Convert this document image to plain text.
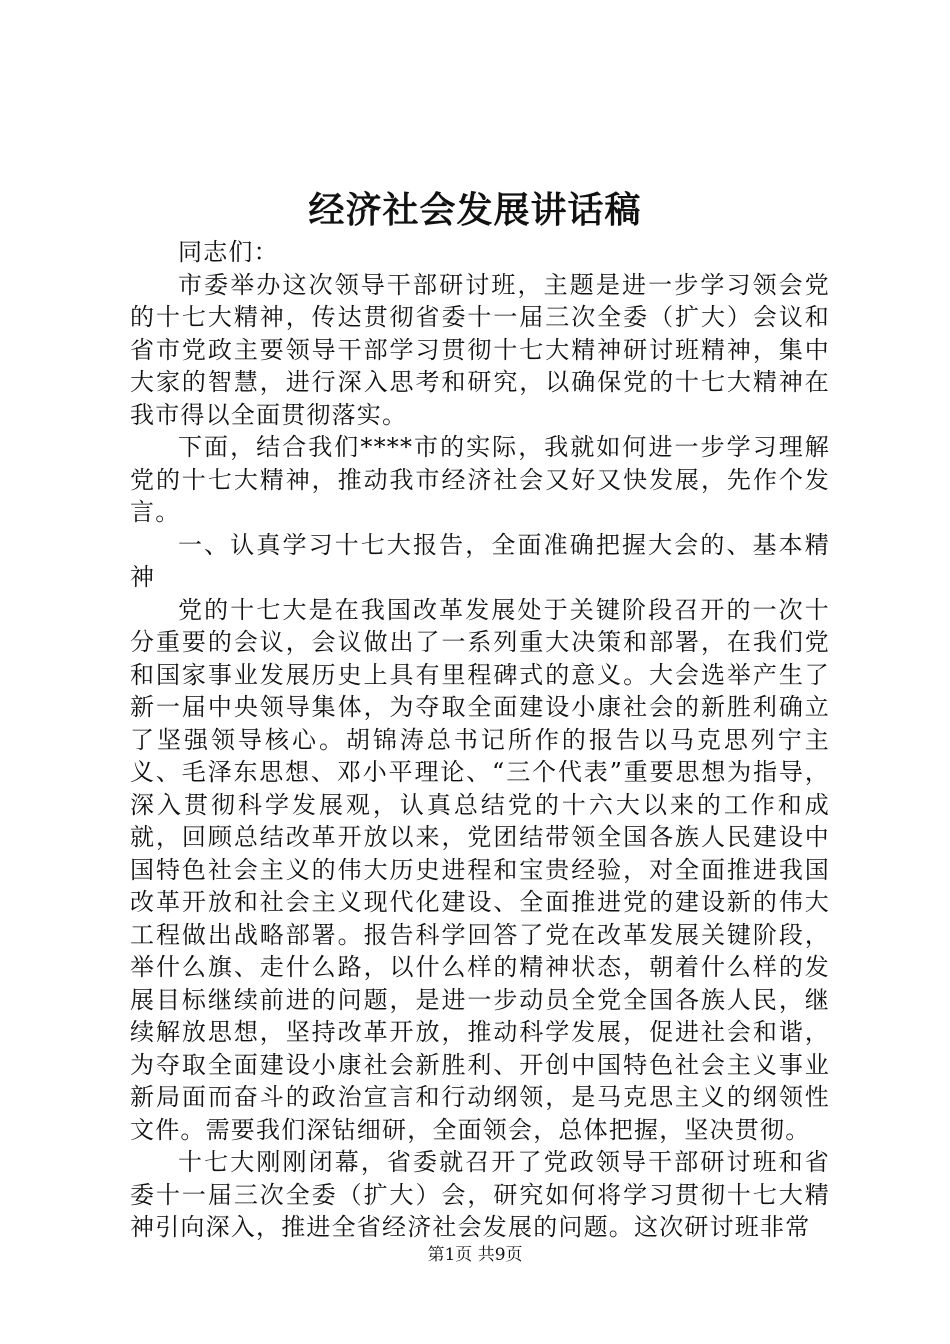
经济社会发展讲话稿

同志们：

市委举办这次领导干部研讨班，主题是进一步学习领会党的十七大精神，传达贯彻省委十一届三次全委（扩大）会议和省市党政主要领导干部学习贯彻十七大精神研讨班精神，集中大家的智慧，进行深入思考和研究，以确保党的十七大精神在我市得以全面贯彻落实。

下面，结合我们****市的实际，我就如何进一步学习理解党的十七大精神，推动我市经济社会又好又快发展，先作个发言。

一、认真学习十七大报告，全面准确把握大会的、基本精神

党的十七大是在我国改革发展处于关键阶段召开的一次十分重要的会议，会议做出了一系列重大决策和部署，在我们党和国家事业发展历史上具有里程碑式的意义。大会选举产生了新一届中央领导集体，为夺取全面建设小康社会的新胜利确立了坚强领导核心。胡锦涛总书记所作的报告以马克思列宁主义、毛泽东思想、邓小平理论、“三个代表”重要思想为指导，深入贯彻科学发展观，认真总结党的十六大以来的工作和成就，回顾总结改革开放以来，党团结带领全国各族人民建设中国特色社会主义的伟大历史进程和宝贵经验，对全面推进我国改革开放和社会主义现代化建设、全面推进党的建设新的伟大工程做出战略部署。报告科学回答了党在改革发展关键阶段，举什么旗、走什么路，以什么样的精神状态，朝着什么样的发展目标继续前进的问题，是进一步动员全党全国各族人民，继续解放思想，坚持改革开放，推动科学发展，促进社会和谐，为夺取全面建设小康社会新胜利、开创中国特色社会主义事业新局面而奋斗的政治宣言和行动纲领，是马克思主义的纲领性文件。需要我们深钻细研，全面领会，总体把握，坚决贯彻。

十七大刚刚闭幕，省委就召开了党政领导干部研讨班和省委十一届三次全委（扩大）会，研究如何将学习贯彻十七大精神引向深入，推进全省经济社会发展的问题。这次研讨班非常

第1页 共9页
